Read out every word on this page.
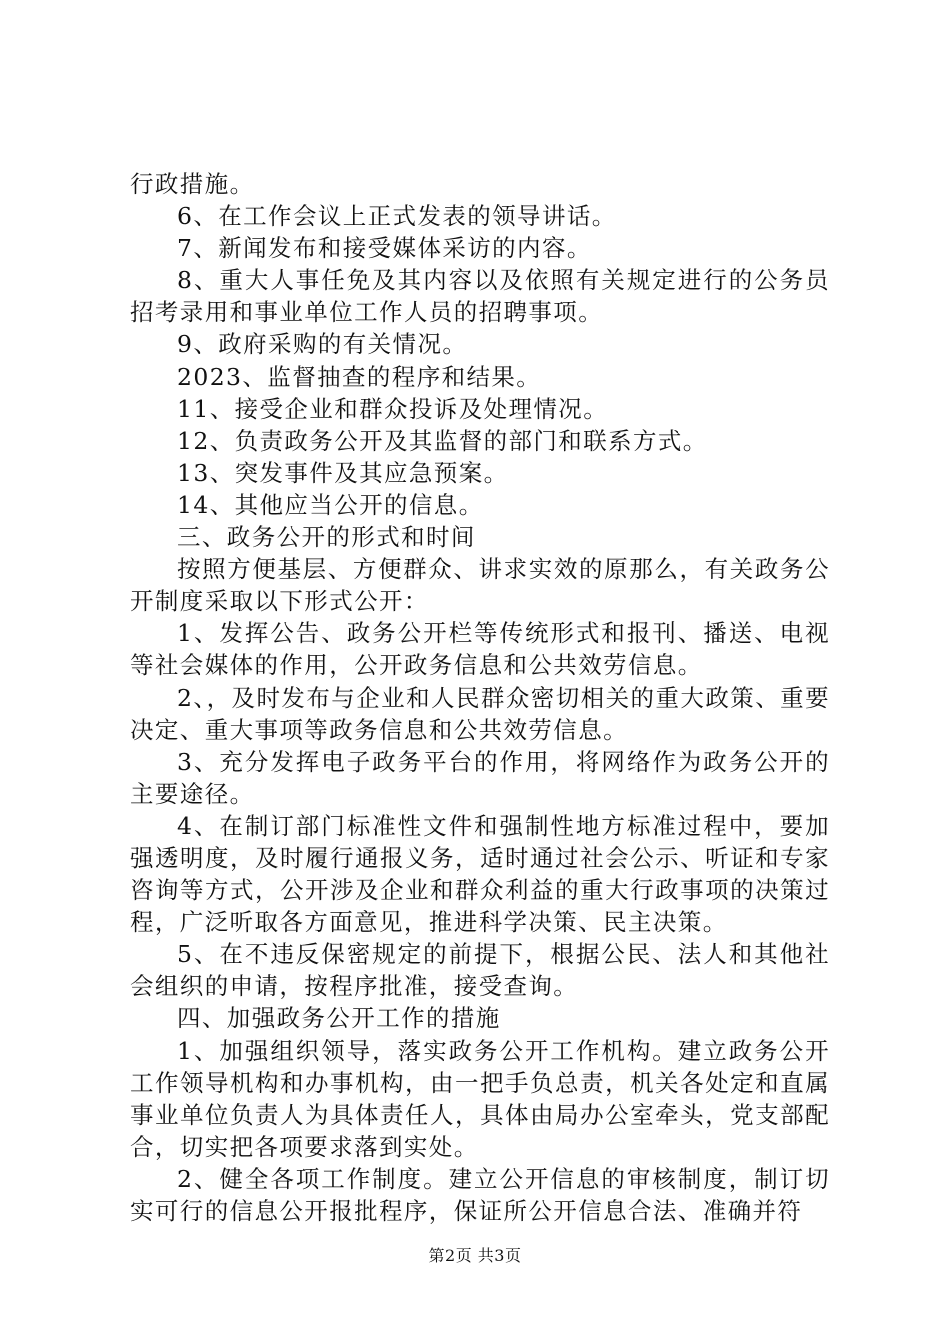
行政措施。

6、在工作会议上正式发表的领导讲话。

7、新闻发布和接受媒体采访的内容。

8、重大人事任免及其内容以及依照有关规定进行的公务员招考录用和事业单位工作人员的招聘事项。

9、政府采购的有关情况。

2023、监督抽查的程序和结果。

11、接受企业和群众投诉及处理情况。

12、负责政务公开及其监督的部门和联系方式。

13、突发事件及其应急预案。

14、其他应当公开的信息。

三、政务公开的形式和时间

按照方便基层、方便群众、讲求实效的原那么，有关政务公开制度采取以下形式公开：

1、发挥公告、政务公开栏等传统形式和报刊、播送、电视等社会媒体的作用，公开政务信息和公共效劳信息。

2、，及时发布与企业和人民群众密切相关的重大政策、重要决定、重大事项等政务信息和公共效劳信息。

3、充分发挥电子政务平台的作用，将网络作为政务公开的主要途径。

4、在制订部门标准性文件和强制性地方标准过程中，要加强透明度，及时履行通报义务，适时通过社会公示、听证和专家咨询等方式，公开涉及企业和群众利益的重大行政事项的决策过程，广泛听取各方面意见，推进科学决策、民主决策。

5、在不违反保密规定的前提下，根据公民、法人和其他社会组织的申请，按程序批准，接受查询。

四、加强政务公开工作的措施

1、加强组织领导，落实政务公开工作机构。建立政务公开工作领导机构和办事机构，由一把手负总责，机关各处定和直属事业单位负责人为具体责任人，具体由局办公室牵头，党支部配合，切实把各项要求落到实处。

2、健全各项工作制度。建立公开信息的审核制度，制订切实可行的信息公开报批程序，保证所公开信息合法、准确并符

第2页 共3页
